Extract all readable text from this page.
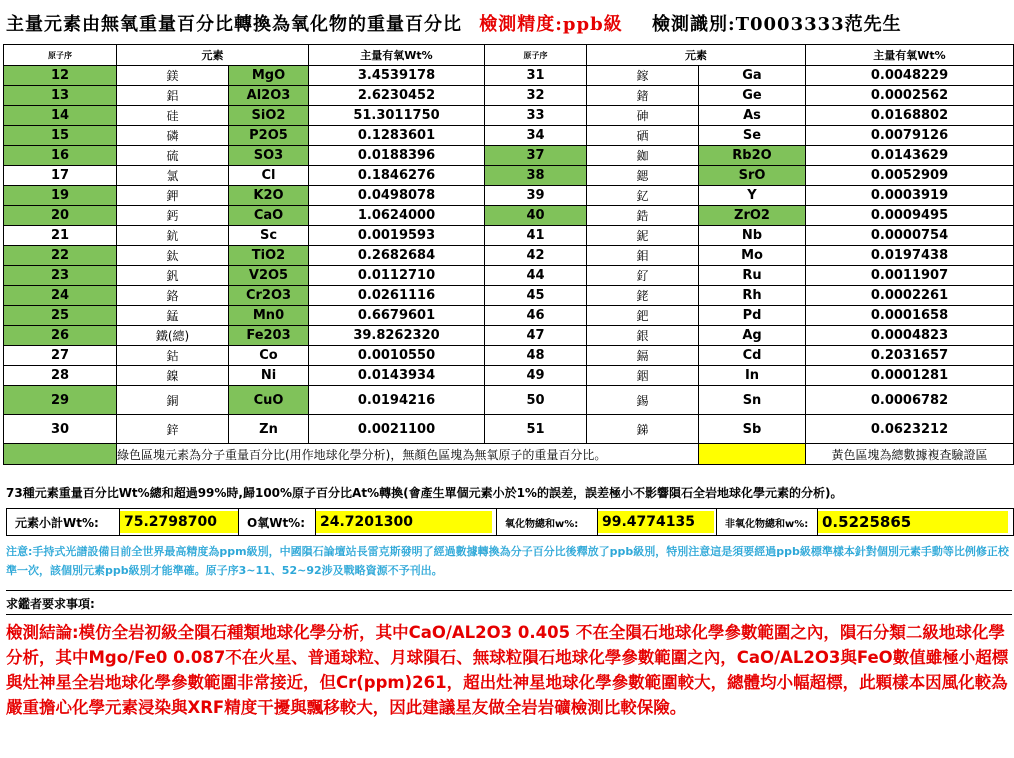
主量元素由無氧重量百分比轉換為氧化物的重量百分比 檢測精度:ppb級 檢測識別:T0003333范先生
原子序	元素		主量有氧Wt%	原子序	元素		主量有氧Wt%
12	鎂	MgO	3.4539178	31	鎵	Ga	0.0048229
13	鋁	Al2O3	2.6230452	32	鍺	Ge	0.0002562
14	硅	SiO2	51.3011750	33	砷	As	0.0168802
15	磷	P2O5	0.1283601	34	硒	Se	0.0079126
16	硫	SO3	0.0188396	37	銣	Rb2O	0.0143629
17	氯	Cl	0.1846276	38	鍶	SrO	0.0052909
19	鉀	K2O	0.0498078	39	釔	Y	0.0003919
20	鈣	CaO	1.0624000	40	鋯	ZrO2	0.0009495
21	鈧	Sc	0.0019593	41	鈮	Nb	0.0000754
22	鈦	TiO2	0.2682684	42	鉬	Mo	0.0197438
23	釩	V2O5	0.0112710	44	釕	Ru	0.0011907
24	鉻	Cr2O3	0.0261116	45	銠	Rh	0.0002261
25	錳	Mn0	0.6679601	46	鈀	Pd	0.0001658
26	鐵(總)	Fe203	39.8262320	47	銀	Ag	0.0004823
27	鈷	Co	0.0010550	48	鎘	Cd	0.2031657
28	鎳	Ni	0.0143934	49	銦	In	0.0001281
29	銅	CuO	0.0194216	50	錫	Sn	0.0006782
30	鋅	Zn	0.0021100	51	銻	Sb	0.0623212
	綠色區塊元素為分子重量百分比(用作地球化學分析)，無顏色區塊為無氧原子的重量百分比。						黃色區塊為總數據複查驗證區
73種元素重量百分比Wt%總和超過99%時,歸100%原子百分比At%轉換(會產生單個元素小於1%的誤差，誤差極小不影響隕石全岩地球化學元素的分析)。
元素小計Wt%: 75.2798700	O氧Wt%: 24.7201300	氧化物總和w%: 99.4774135	非氧化物總和w%: 0.5225865
注意:手持式光譜設備目前全世界最高精度為ppm級別，中國隕石論壇站長雷克斯發明了經過數據轉換為分子百分比後釋放了ppb級別，特別注意這是須要經過ppb級標準樣本針對個別元素手動等比例修正校準一次，該個別元素ppb級別才能準確。原子序3~11、52~92涉及戰略資源不予刊出。
求鑑者要求事項:
檢測結論:模仿全岩初級全隕石種類地球化學分析，其中CaO/AL2O3 0.405 不在全隕石地球化學參數範圍之內，隕石分類二級地球化學分析，其中Mgo/Fe0 0.087不在火星、普通球粒、月球隕石、無球粒隕石地球化學參數範圍之內，CaO/AL2O3與FeO數值雖極小超標與灶神星全岩地球化學參數範圍非常接近，但Cr(ppm)261，超出灶神星地球化學參數範圍較大，總體均小幅超標，此顆樣本因風化較為嚴重擔心化學元素浸染與XRF精度干擾與飄移較大，因此建議星友做全岩岩礦檢測比較保險。
